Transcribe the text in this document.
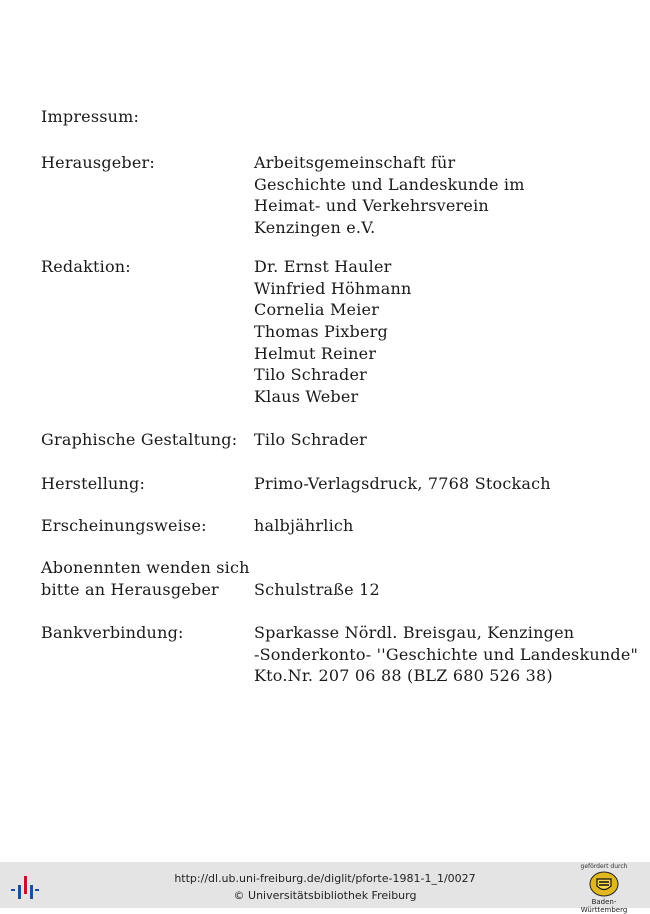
Impressum:
Herausgeber:	Arbeitsgemeinschaft für
Geschichte und Landeskunde im
Heimat- und Verkehrsverein
Kenzingen e.V.
Redaktion:	Dr. Ernst Hauler
Winfried Höhmann
Cornelia Meier
Thomas Pixberg
Helmut Reiner
Tilo Schrader
Klaus Weber
Graphische Gestaltung:	Tilo Schrader
Herstellung:	Primo-Verlagsdruck, 7768 Stockach
Erscheinungsweise:	halbjährlich
Abonennten wenden sich
bitte an Herausgeber	Schulstraße 12
Bankverbindung:	Sparkasse Nördl. Breisgau, Kenzingen
-Sonderkonto- ''Geschichte und Landeskunde"
Kto.Nr. 207 06 88 (BLZ 680 526 38)
http://dl.ub.uni-freiburg.de/diglit/pforte-1981-1_1/0027
© Universitätsbibliothek Freiburg
gefördert durch
Baden-Württemberg
